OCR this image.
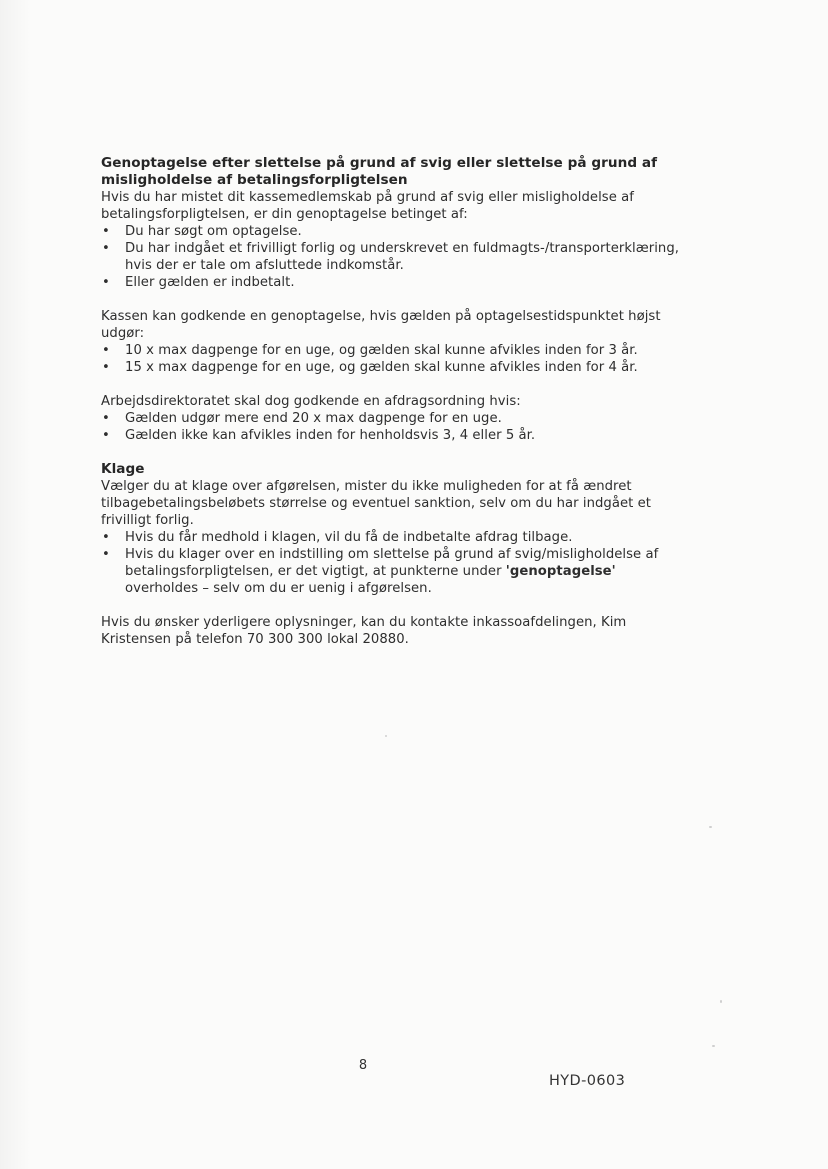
Genoptagelse efter slettelse på grund af svig eller slettelse på grund af misligholdelse af betalingsforpligtelsen

Hvis du har mistet dit kassemedlemskab på grund af svig eller misligholdelse af betalingsforpligtelsen, er din genoptagelse betinget af:

• Du har søgt om optagelse.
• Du har indgået et frivilligt forlig og underskrevet en fuldmagts-/transporterklæring, hvis der er tale om afsluttede indkomstår.
• Eller gælden er indbetalt.

Kassen kan godkende en genoptagelse, hvis gælden på optagelsestidspunktet højst udgør:

• 10 x max dagpenge for en uge, og gælden skal kunne afvikles inden for 3 år.
• 15 x max dagpenge for en uge, og gælden skal kunne afvikles inden for 4 år.

Arbejdsdirektoratet skal dog godkende en afdragsordning hvis:

• Gælden udgør mere end 20 x max dagpenge for en uge.
• Gælden ikke kan afvikles inden for henholdsvis 3, 4 eller 5 år.

Klage

Vælger du at klage over afgørelsen, mister du ikke muligheden for at få ændret tilbagebetalingsbeløbets størrelse og eventuel sanktion, selv om du har indgået et frivilligt forlig.

• Hvis du får medhold i klagen, vil du få de indbetalte afdrag tilbage.
• Hvis du klager over en indstilling om slettelse på grund af svig/misligholdelse af betalingsforpligtelsen, er det vigtigt, at punkterne under 'genoptagelse' overholdes – selv om du er uenig i afgørelsen.

Hvis du ønsker yderligere oplysninger, kan du kontakte inkassoafdelingen, Kim Kristensen på telefon 70 300 300 lokal 20880.

8
HYD-0603
